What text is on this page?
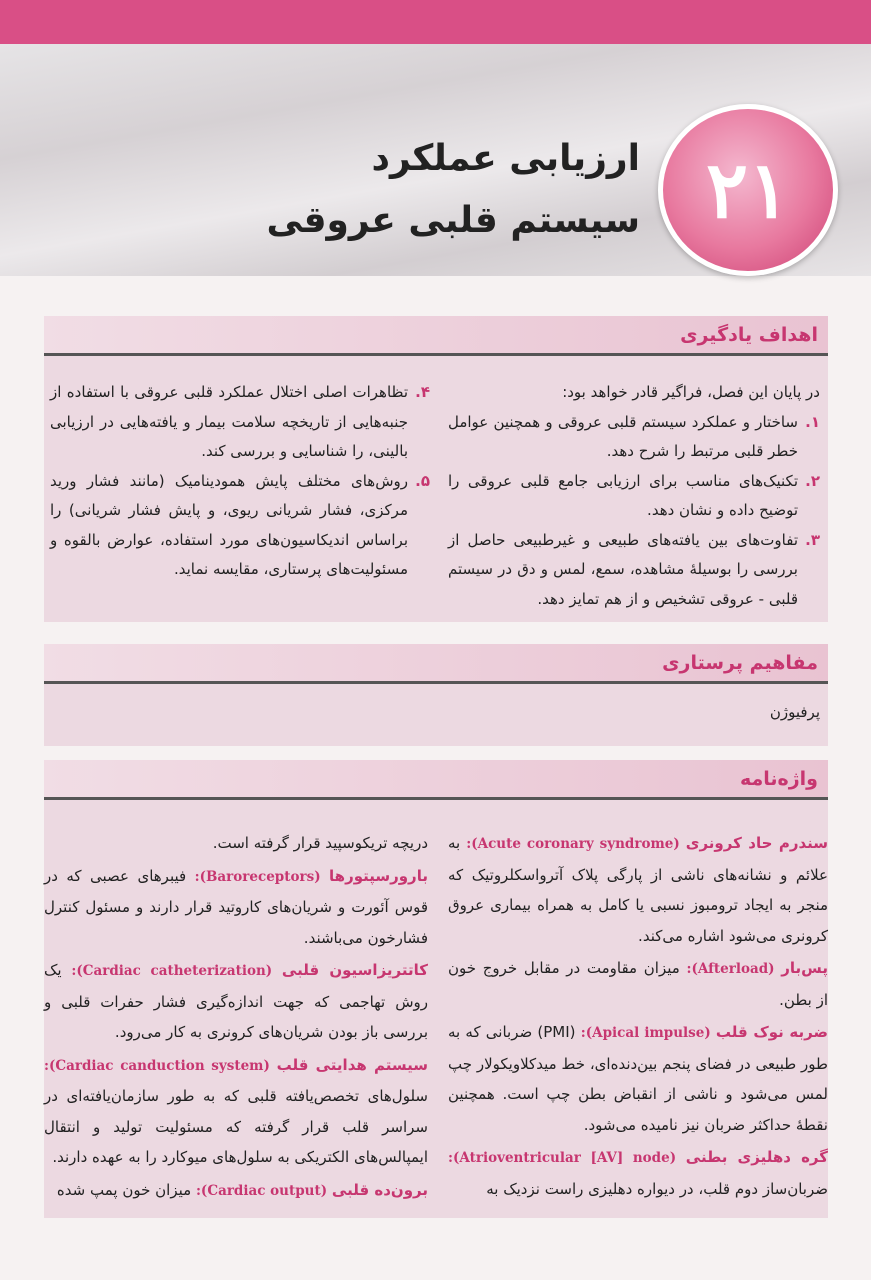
۲۱
ارزیابی عملکرد
سیستم قلبی عروقی
اهداف یادگیری
در پایان این فصل، فراگیر قادر خواهد بود:
۱.
ساختار و عملکرد سیستم قلبی عروقی و همچنین عوامل خطر قلبی مرتبط را شرح دهد.
۲.
تکنیک‌های مناسب برای ارزیابی جامع قلبی عروقی را توضیح داده و نشان دهد.
۳.
تفاوت‌های بین یافته‌های طبیعی و غیرطبیعی حاصل از بررسی را بوسیلهٔ مشاهده، سمع، لمس و دق در سیستم قلبی - عروقی تشخیص و از هم تمایز دهد.
۴.
تظاهرات اصلی اختلال عملکرد قلبی عروقی با استفاده از جنبه‌هایی از تاریخچه سلامت بیمار و یافته‌هایی در ارزیابی بالینی، را شناسایی و بررسی کند.
۵.
روش‌های مختلف پایش همودینامیک (مانند فشار ورید مرکزی، فشار شریانی ریوی، و پایش فشار شریانی) را براساس اندیکاسیون‌های مورد استفاده، عوارض بالقوه و مسئولیت‌های پرستاری، مقایسه نماید.
مفاهیم پرستاری
پرفیوژن
واژه‌نامه
سندرم حاد کرونری (Acute coronary syndrome): به علائم و نشانه‌های ناشی از پارگی پلاک آترواسکلروتیک که منجر به ایجاد ترومبوز نسبی یا کامل به همراه بیماری عروق کرونری می‌شود اشاره می‌کند.
پس‌بار (Afterload): میزان مقاومت در مقابل خروج خون از بطن.
ضربه نوک قلب (Apical impulse): (PMI) ضربانی که به طور طبیعی در فضای پنجم بین‌دنده‌ای، خط میدکلاویکولار چپ لمس می‌شود و ناشی از انقباض بطن چپ است. همچنین نقطهٔ حداکثر ضربان نیز نامیده می‌شود.
گره دهلیزی بطنی (Atrioventricular [AV] node): ضربان‌ساز دوم قلب، در دیواره دهلیزی راست نزدیک به
دریچه تریکوسپید قرار گرفته است.
بارورسپتورها (Baroreceptors): فیبرهای عصبی که در قوس آئورت و شریان‌های کاروتید قرار دارند و مسئول کنترل فشارخون می‌باشند.
کاتتریزاسیون قلبی (Cardiac catheterization): یک روش تهاجمی که جهت اندازه‌گیری فشار حفرات قلبی و بررسی باز بودن شریان‌های کرونری به کار می‌رود.
سیستم هدایتی قلب (Cardiac canduction system): سلول‌های تخصص‌یافته قلبی که به طور سازمان‌یافته‌ای در سراسر قلب قرار گرفته که مسئولیت تولید و انتقال ایمپالس‌های الکتریکی به سلول‌های میوکارد را به عهده دارند.
برون‌ده قلبی (Cardiac output): میزان خون پمپ شده
